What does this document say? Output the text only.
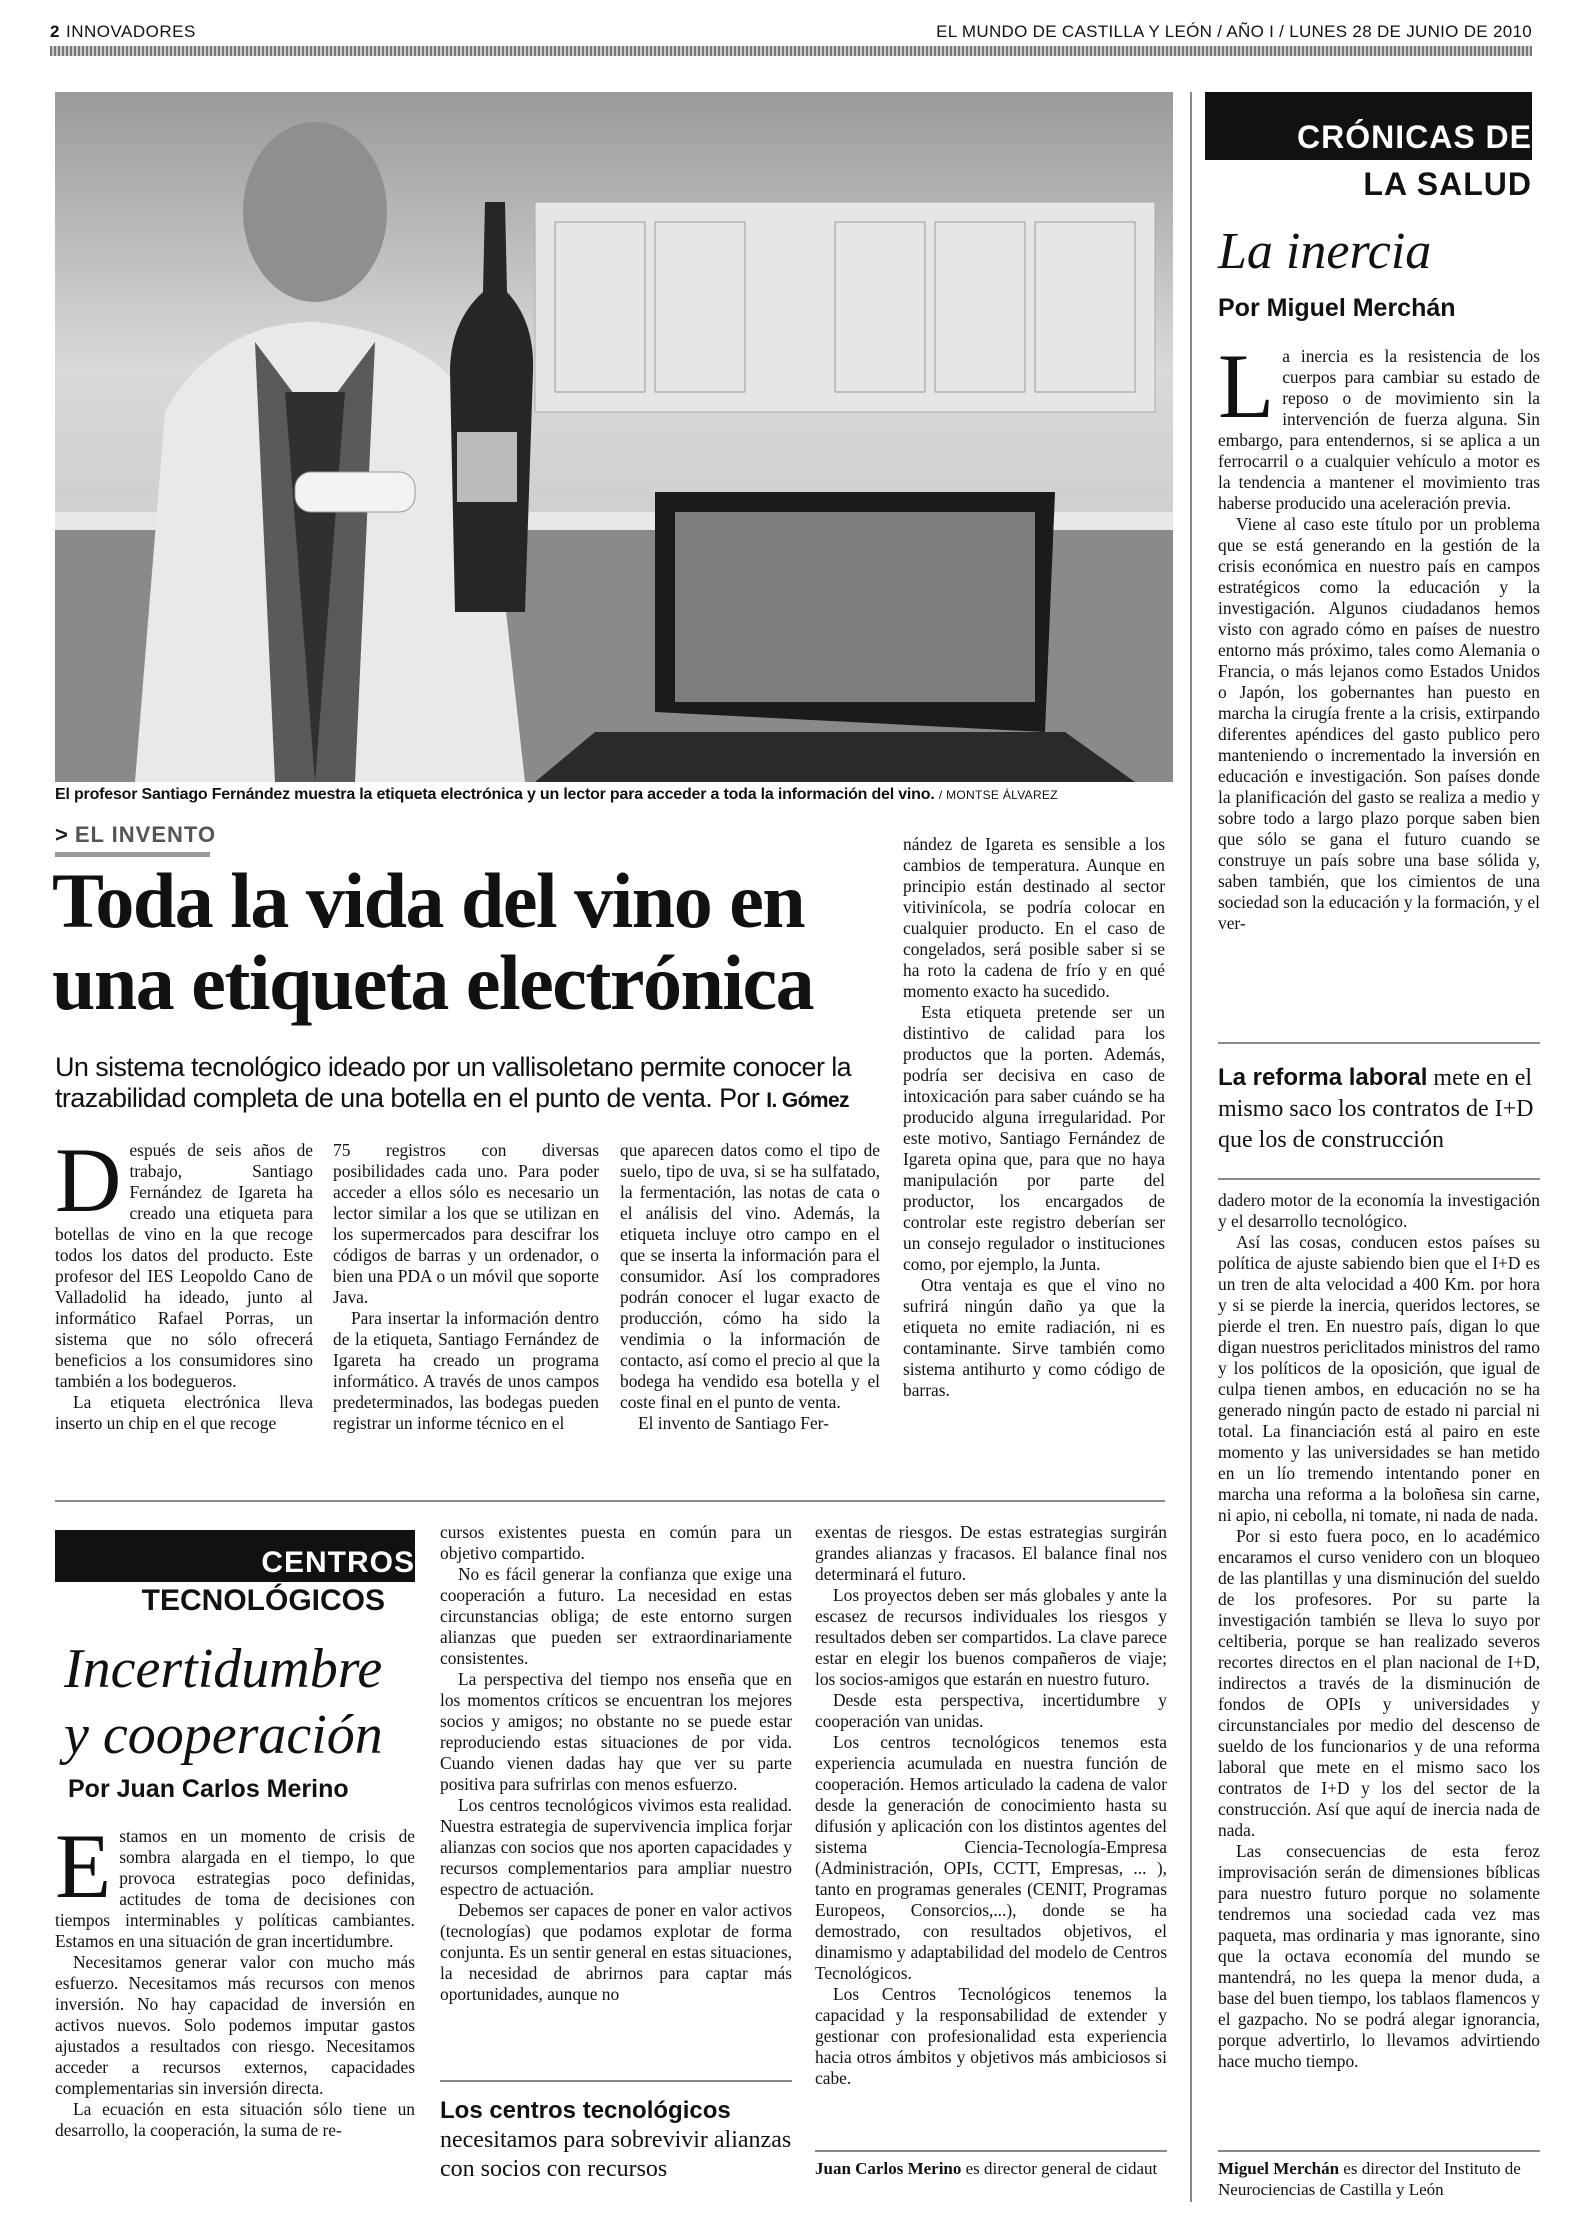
2 INNOVADORES	EL MUNDO DE CASTILLA Y LEÓN / AÑO I / LUNES 28 DE JUNIO DE 2010
El profesor Santiago Fernández muestra la etiqueta electrónica y un lector para acceder a toda la información del vino. / MONTSE ÁLVAREZ
> EL INVENTO
Toda la vida del vino en una etiqueta electrónica
Un sistema tecnológico ideado por un vallisoletano permite conocer la trazabilidad completa de una botella en el punto de venta. Por I. Gómez

Después de seis años de trabajo, Santiago Fernández de Igareta ha creado una etiqueta para botellas de vino en la que recoge todos los datos del producto. Este profesor del IES Leopoldo Cano de Valladolid ha ideado, junto al informático Rafael Porras, un sistema que no sólo ofrecerá beneficios a los consumidores sino también a los bodegueros.

La etiqueta electrónica lleva inserto un chip en el que recoge

75 registros con diversas posibilidades cada uno. Para poder acceder a ellos sólo es necesario un lector similar a los que se utilizan en los supermercados para descifrar los códigos de barras y un ordenador, o bien una PDA o un móvil que soporte Java.

Para insertar la información dentro de la etiqueta, Santiago Fernández de Igareta ha creado un programa informático. A través de unos campos predeterminados, las bodegas pueden registrar un informe técnico en el

que aparecen datos como el tipo de suelo, tipo de uva, si se ha sulfatado, la fermentación, las notas de cata o el análisis del vino. Además, la etiqueta incluye otro campo en el que se inserta la información para el consumidor. Así los compradores podrán conocer el lugar exacto de producción, cómo ha sido la vendimia o la información de contacto, así como el precio al que la bodega ha vendido esa botella y el coste final en el punto de venta.

El invento de Santiago Fer-

nández de Igareta es sensible a los cambios de temperatura. Aunque en principio están destinado al sector vitivinícola, se podría colocar en cualquier producto. En el caso de congelados, será posible saber si se ha roto la cadena de frío y en qué momento exacto ha sucedido.

Esta etiqueta pretende ser un distintivo de calidad para los productos que la porten. Además, podría ser decisiva en caso de intoxicación para saber cuándo se ha producido alguna irregularidad. Por este motivo, Santiago Fernández de Igareta opina que, para que no haya manipulación por parte del productor, los encargados de controlar este registro deberían ser un consejo regulador o instituciones como, por ejemplo, la Junta.

Otra ventaja es que el vino no sufrirá ningún daño ya que la etiqueta no emite radiación, ni es contaminante. Sirve también como sistema antihurto y como código de barras.

CRÓNICAS DE
LA SALUD
La inercia
Por Miguel Merchán

La inercia es la resistencia de los cuerpos para cambiar su estado de reposo o de movimiento sin la intervención de fuerza alguna. Sin embargo, para entendernos, si se aplica a un ferrocarril o a cualquier vehículo a motor es la tendencia a mantener el movimiento tras haberse producido una aceleración previa.

Viene al caso este título por un problema que se está generando en la gestión de la crisis económica en nuestro país en campos estratégicos como la educación y la investigación. Algunos ciudadanos hemos visto con agrado cómo en países de nuestro entorno más próximo, tales como Alemania o Francia, o más lejanos como Estados Unidos o Japón, los gobernantes han puesto en marcha la cirugía frente a la crisis, extirpando diferentes apéndices del gasto publico pero manteniendo o incrementado la inversión en educación e investigación. Son países donde la planificación del gasto se realiza a medio y sobre todo a largo plazo porque saben bien que sólo se gana el futuro cuando se construye un país sobre una base sólida y, saben también, que los cimientos de una sociedad son la educación y la formación, y el ver-

La reforma laboral mete en el mismo saco los contratos de I+D que los de construcción

dadero motor de la economía la investigación y el desarrollo tecnológico.

Así las cosas, conducen estos países su política de ajuste sabiendo bien que el I+D es un tren de alta velocidad a 400 Km. por hora y si se pierde la inercia, queridos lectores, se pierde el tren. En nuestro país, digan lo que digan nuestros periclitados ministros del ramo y los políticos de la oposición, que igual de culpa tienen ambos, en educación no se ha generado ningún pacto de estado ni parcial ni total. La financiación está al pairo en este momento y las universidades se han metido en un lío tremendo intentando poner en marcha una reforma a la boloñesa sin carne, ni apio, ni cebolla, ni tomate, ni nada de nada.

Por si esto fuera poco, en lo académico encaramos el curso venidero con un bloqueo de las plantillas y una disminución del sueldo de los profesores. Por su parte la investigación también se lleva lo suyo por celtiberia, porque se han realizado severos recortes directos en el plan nacional de I+D, indirectos a través de la disminución de fondos de OPIs y universidades y circunstanciales por medio del descenso de sueldo de los funcionarios y de una reforma laboral que mete en el mismo saco los contratos de I+D y los del sector de la construcción. Así que aquí de inercia nada de nada.

Las consecuencias de esta feroz improvisación serán de dimensiones bíblicas para nuestro futuro porque no solamente tendremos una sociedad cada vez mas paqueta, mas ordinaria y mas ignorante, sino que la octava economía del mundo se mantendrá, no les quepa la menor duda, a base del buen tiempo, los tablaos flamencos y el gazpacho. No se podrá alegar ignorancia, porque advertirlo, lo llevamos advirtiendo hace mucho tiempo.

Miguel Merchán es director del Instituto de Neurociencias de Castilla y León
CENTROS
TECNOLÓGICOS
Incertidumbre
y cooperación
Por Juan Carlos Merino

Estamos en un momento de crisis de sombra alargada en el tiempo, lo que provoca estrategias poco definidas, actitudes de toma de decisiones con tiempos interminables y políticas cambiantes. Estamos en una situación de gran incertidumbre.

Necesitamos generar valor con mucho más esfuerzo. Necesitamos más recursos con menos inversión. No hay capacidad de inversión en activos nuevos. Solo podemos imputar gastos ajustados a resultados con riesgo. Necesitamos acceder a recursos externos, capacidades complementarias sin inversión directa.

La ecuación en esta situación sólo tiene un desarrollo, la cooperación, la suma de re-

cursos existentes puesta en común para un objetivo compartido.

No es fácil generar la confianza que exige una cooperación a futuro. La necesidad en estas circunstancias obliga; de este entorno surgen alianzas que pueden ser extraordinariamente consistentes.

La perspectiva del tiempo nos enseña que en los momentos críticos se encuentran los mejores socios y amigos; no obstante no se puede estar reproduciendo estas situaciones de por vida. Cuando vienen dadas hay que ver su parte positiva para sufrirlas con menos esfuerzo.

Los centros tecnológicos vivimos esta realidad. Nuestra estrategia de supervivencia implica forjar alianzas con socios que nos aporten capacidades y recursos complementarios para ampliar nuestro espectro de actuación.

Debemos ser capaces de poner en valor activos (tecnologías) que podamos explotar de forma conjunta. Es un sentir general en estas situaciones, la necesidad de abrirnos para captar más oportunidades, aunque no

Los centros tecnológicos
necesitamos para sobrevivir alianzas con socios con recursos

exentas de riesgos. De estas estrategias surgirán grandes alianzas y fracasos. El balance final nos determinará el futuro.

Los proyectos deben ser más globales y ante la escasez de recursos individuales los riesgos y resultados deben ser compartidos. La clave parece estar en elegir los buenos compañeros de viaje; los socios-amigos que estarán en nuestro futuro.

Desde esta perspectiva, incertidumbre y cooperación van unidas.

Los centros tecnológicos tenemos esta experiencia acumulada en nuestra función de cooperación. Hemos articulado la cadena de valor desde la generación de conocimiento hasta su difusión y aplicación con los distintos agentes del sistema Ciencia-Tecnología-Empresa (Administración, OPIs, CCTT, Empresas, ... ), tanto en programas generales (CENIT, Programas Europeos, Consorcios,...), donde se ha demostrado, con resultados objetivos, el dinamismo y adaptabilidad del modelo de Centros Tecnológicos.

Los Centros Tecnológicos tenemos la capacidad y la responsabilidad de extender y gestionar con profesionalidad esta experiencia hacia otros ámbitos y objetivos más ambiciosos si cabe.

Juan Carlos Merino es director general de cidaut
